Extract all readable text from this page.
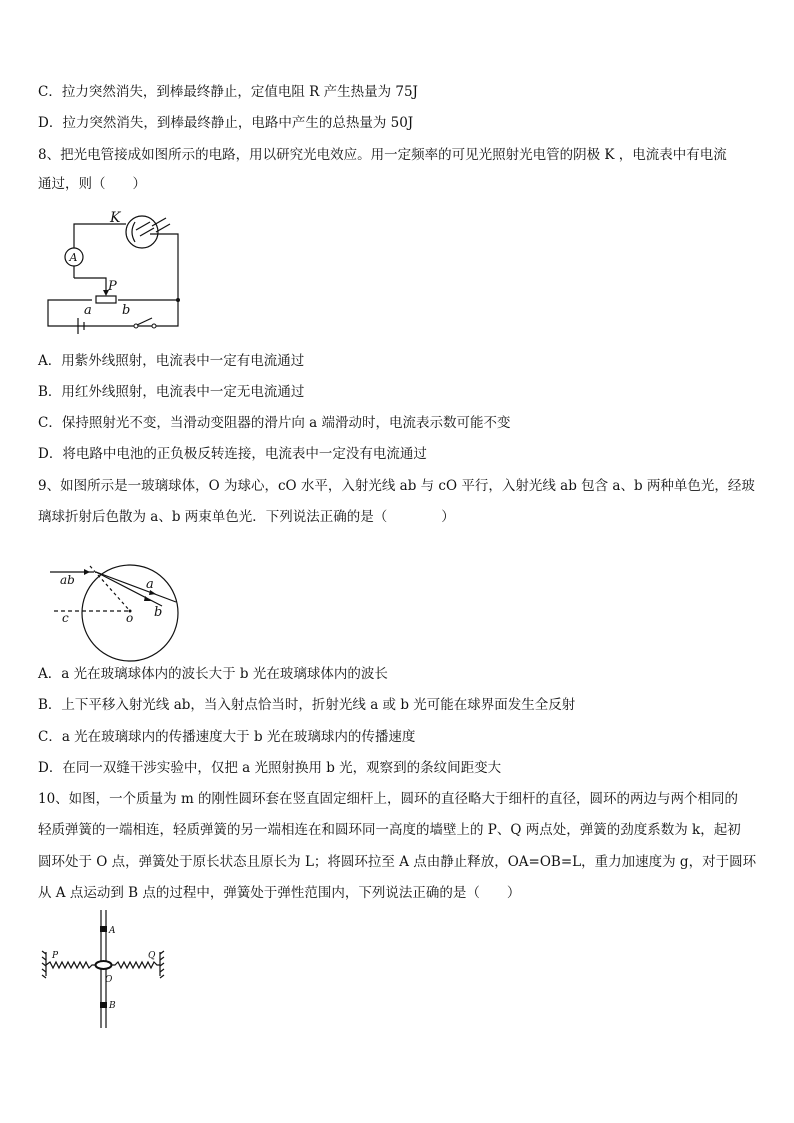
C．拉力突然消失，到棒最终静止，定值电阻 R 产生热量为 75J
D．拉力突然消失，到棒最终静止，电路中产生的总热量为 50J
8、把光电管接成如图所示的电路，用以研究光电效应。用一定频率的可见光照射光电管的阴极 K ，电流表中有电流
通过，则（　　）
A
K
P
a b
A．用紫外线照射，电流表中一定有电流通过
B．用红外线照射，电流表中一定无电流通过
C．保持照射光不变，当滑动变阻器的滑片向 a 端滑动时，电流表示数可能不变
D．将电路中电池的正负极反转连接，电流表中一定没有电流通过
9、如图所示是一玻璃球体，O 为球心，cO 水平，入射光线 ab 与 cO 平行，入射光线 ab 包含 a、b 两种单色光，经玻
璃球折射后色散为 a、b 两束单色光．下列说法正确的是（　　　　）
ab	a
b
c	o
A．a 光在玻璃球体内的波长大于 b 光在玻璃球体内的波长
B．上下平移入射光线 ab，当入射点恰当时，折射光线 a 或 b 光可能在球界面发生全反射
C．a 光在玻璃球内的传播速度大于 b 光在玻璃球内的传播速度
D．在同一双缝干涉实验中，仅把 a 光照射换用 b 光，观察到的条纹间距变大
10、如图，一个质量为 m 的刚性圆环套在竖直固定细杆上，圆环的直径略大于细杆的直径，圆环的两边与两个相同的
轻质弹簧的一端相连，轻质弹簧的另一端相连在和圆环同一高度的墙壁上的 P、Q 两点处，弹簧的劲度系数为 k，起初
圆环处于 O 点，弹簧处于原长状态且原长为 L；将圆环拉至 A 点由静止释放，OA=OB=L，重力加速度为 g，对于圆环
从 A 点运动到 B 点的过程中，弹簧处于弹性范围内，下列说法正确的是（　　）
A
B
O
P	Q
